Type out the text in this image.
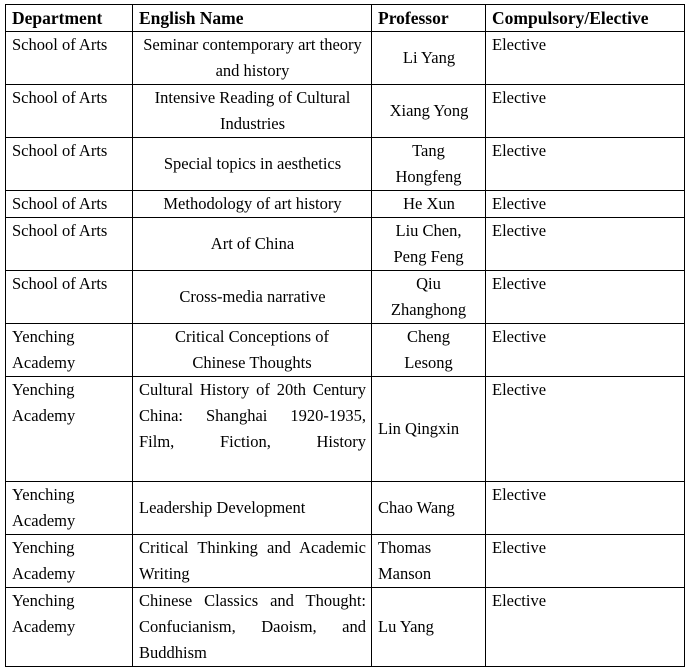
Department	English Name	Professor	Compulsory/Elective
School of Arts	Seminar contemporary art theory and history	Li Yang	Elective
School of Arts	Intensive Reading of Cultural Industries	Xiang Yong	Elective
School of Arts	Special topics in aesthetics	Tang Hongfeng	Elective
School of Arts	Methodology of art history	He Xun	Elective
School of Arts	Art of China	Liu Chen, Peng Feng	Elective
School of Arts	Cross-media narrative	Qiu Zhanghong	Elective
Yenching Academy	Critical Conceptions of Chinese Thoughts	Cheng Lesong	Elective
Yenching Academy	Cultural History of 20th Century China: Shanghai 1920-1935, Film, Fiction, History	Lin Qingxin	Elective
Yenching Academy	Leadership Development	Chao Wang	Elective
Yenching Academy	Critical Thinking and Academic Writing	Thomas Manson	Elective
Yenching Academy	Chinese Classics and Thought: Confucianism, Daoism, and Buddhism	Lu Yang	Elective
